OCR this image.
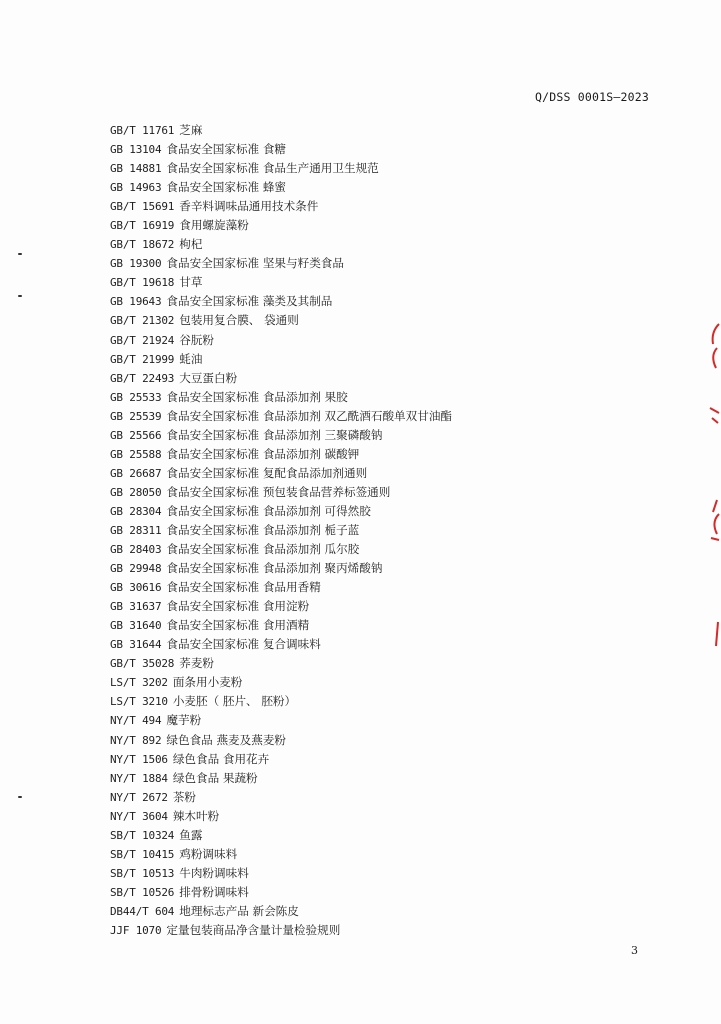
Q/DSS 0001S—2023
GB/T 11761 芝麻
GB 13104 食品安全国家标准 食糖
GB 14881 食品安全国家标准 食品生产通用卫生规范
GB 14963 食品安全国家标准 蜂蜜
GB/T 15691 香辛料调味品通用技术条件
GB/T 16919 食用螺旋藻粉
GB/T 18672 枸杞
GB 19300 食品安全国家标准 坚果与籽类食品
GB/T 19618 甘草
GB 19643 食品安全国家标准 藻类及其制品
GB/T 21302 包装用复合膜、 袋通则
GB/T 21924 谷朊粉
GB/T 21999 蚝油
GB/T 22493 大豆蛋白粉
GB 25533 食品安全国家标准 食品添加剂 果胶
GB 25539 食品安全国家标准 食品添加剂 双乙酰酒石酸单双甘油酯
GB 25566 食品安全国家标准 食品添加剂 三聚磷酸钠
GB 25588 食品安全国家标准 食品添加剂 碳酸钾
GB 26687 食品安全国家标准 复配食品添加剂通则
GB 28050 食品安全国家标准 预包装食品营养标签通则
GB 28304 食品安全国家标准 食品添加剂 可得然胶
GB 28311 食品安全国家标准 食品添加剂 栀子蓝
GB 28403 食品安全国家标准 食品添加剂 瓜尔胶
GB 29948 食品安全国家标准 食品添加剂 聚丙烯酸钠
GB 30616 食品安全国家标准 食品用香精
GB 31637 食品安全国家标准 食用淀粉
GB 31640 食品安全国家标准 食用酒精
GB 31644 食品安全国家标准 复合调味料
GB/T 35028 荞麦粉
LS/T 3202 面条用小麦粉
LS/T 3210 小麦胚（ 胚片、 胚粉）
NY/T 494 魔芋粉
NY/T 892 绿色食品 燕麦及燕麦粉
NY/T 1506 绿色食品 食用花卉
NY/T 1884 绿色食品 果蔬粉
NY/T 2672 茶粉
NY/T 3604 辣木叶粉
SB/T 10324 鱼露
SB/T 10415 鸡粉调味料
SB/T 10513 牛肉粉调味料
SB/T 10526 排骨粉调味料
DB44/T 604 地理标志产品 新会陈皮
JJF 1070 定量包装商品净含量计量检验规则
3
